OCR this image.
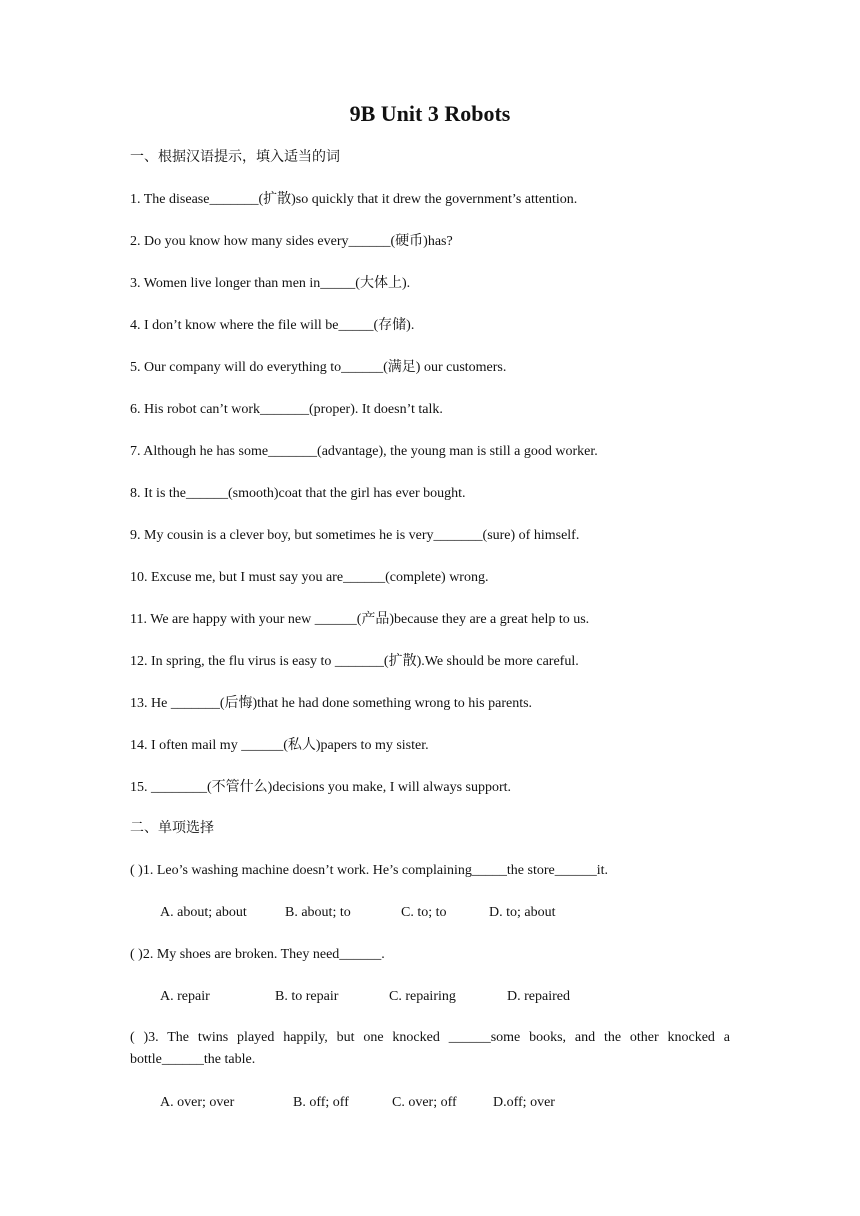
9B Unit 3 Robots
一、根据汉语提示，填入适当的词
1. The disease_______(扩散)so quickly that it drew the government’s attention.
2. Do you know how many sides every______(硬币)has?
3. Women live longer than men in_____(大体上).
4. I don’t know where the file will be_____(存储).
5. Our company will do everything to______(满足) our customers.
6. His robot can’t work_______(proper). It doesn’t talk.
7. Although he has some_______(advantage), the young man is still a good worker.
8. It is the______(smooth)coat that the girl has ever bought.
9. My cousin is a clever boy, but sometimes he is very_______(sure) of himself.
10. Excuse me, but I must say you are______(complete) wrong.
11. We are happy with your new ______(产品)because they are a great help to us.
12. In spring, the flu virus is easy to _______(扩散).We should be more careful.
13. He _______(后悔)that he had done something wrong to his parents.
14. I often mail my ______(私人)papers to my sister.
15. ________(不管什么)decisions you make, I will always support.
二、单项选择
( )1. Leo’s washing machine doesn’t work. He’s complaining_____the store______it.
A. about; about	B. about; to	C. to; to	D. to; about
( )2. My shoes are broken. They need______.
A. repair	B. to repair	C. repairing	D. repaired
( )3. The twins played happily, but one knocked ______some books, and the other knocked a bottle______the table.
A. over; over	B. off; off	C. over; off	D.off; over
